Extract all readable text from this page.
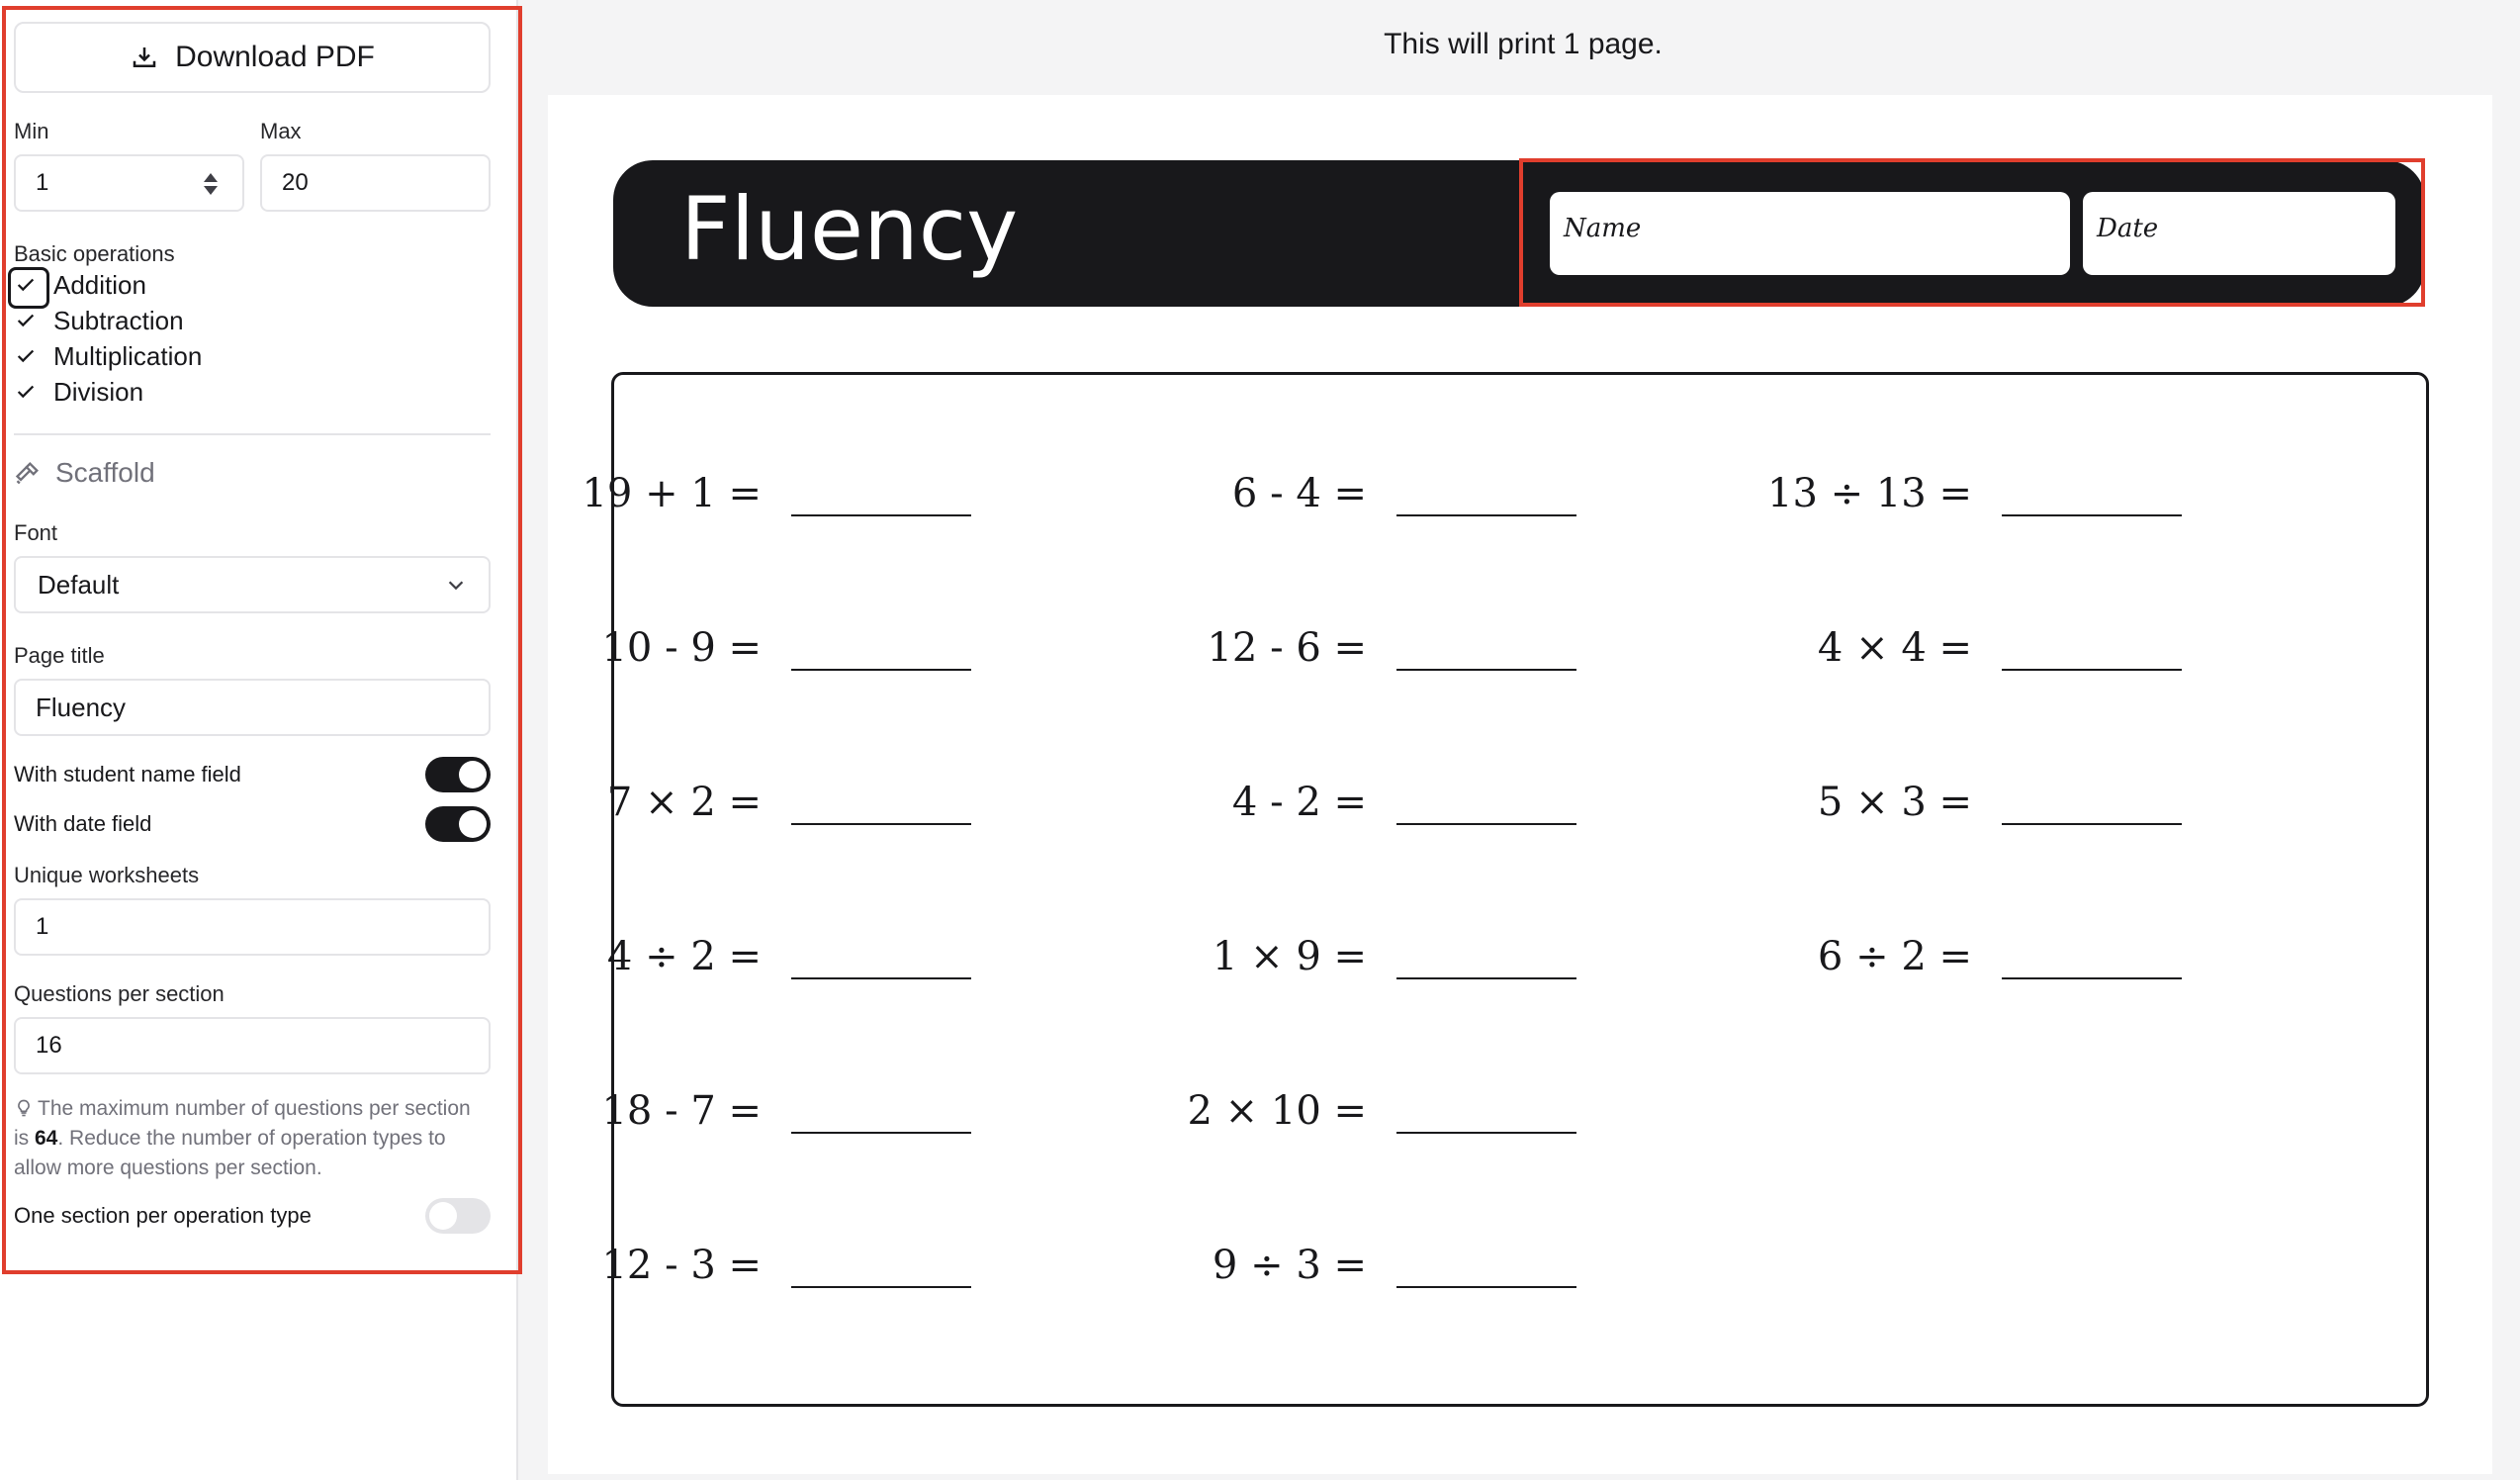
Download PDF
Min
1
Max
20
Basic operations
Addition
Subtraction
Multiplication
Division
Scaffold
Font
Default
Page title
Fluency
With student name field
With date field
Unique worksheets
1
Questions per section
16
The maximum number of questions per section is 64. Reduce the number of operation types to allow more questions per section.
One section per operation type
This will print 1 page.
Fluency	Name	Date
19 + 1 =	6 - 4 =	13 ÷ 13 =
10 - 9 =	12 - 6 =	4 × 4 =
7 × 2 =	4 - 2 =	5 × 3 =
4 ÷ 2 =	1 × 9 =	6 ÷ 2 =
18 - 7 =	2 × 10 =
12 - 3 =	9 ÷ 3 =
